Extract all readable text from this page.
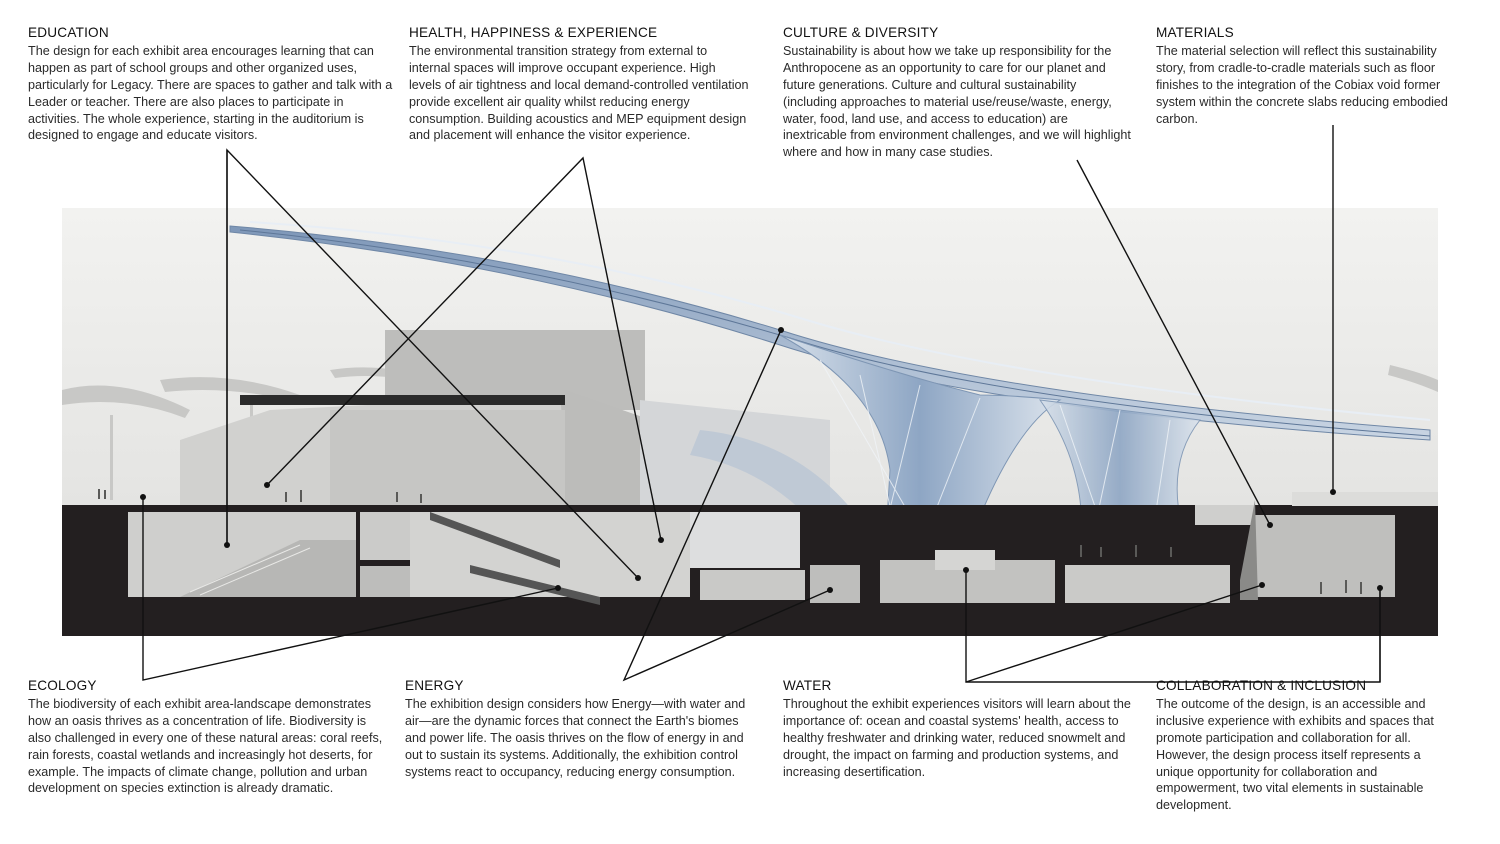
EDUCATION

The design for each exhibit area encourages learning that can happen as part of school groups and other organized uses, particularly for Legacy. There are spaces to gather and talk with a Leader or teacher. There are also places to participate in activities. The whole experience, starting in the auditorium is designed to engage and educate visitors.

HEALTH, HAPPINESS & EXPERIENCE

The environmental transition strategy from external to internal spaces will improve occupant experience. High levels of air tightness and local demand-controlled ventilation provide excellent air quality whilst reducing energy consumption. Building acoustics and MEP equipment design and placement will enhance the visitor experience.

CULTURE & DIVERSITY

Sustainability is about how we take up responsibility for the Anthropocene as an opportunity to care for our planet and future generations. Culture and cultural sustainability (including approaches to material use/reuse/waste, energy, water, food, land use, and access to education) are inextricable from environment challenges, and we will highlight where and how in many case studies.

MATERIALS

The material selection will reflect this sustainability story, from cradle-to-cradle materials such as floor finishes to the integration of the Cobiax void former system within the concrete slabs reducing embodied carbon.

ECOLOGY

The biodiversity of each exhibit area-landscape demonstrates how an oasis thrives as a concentration of life. Biodiversity is also challenged in every one of these natural areas: coral reefs, rain forests, coastal wetlands and increasingly hot deserts, for example. The impacts of climate change, pollution and urban development on species extinction is already dramatic.

ENERGY

The exhibition design considers how Energy—with water and air—are the dynamic forces that connect the Earth's biomes and power life. The oasis thrives on the flow of energy in and out to sustain its systems. Additionally, the exhibition control systems react to occupancy, reducing energy consumption.

WATER

Throughout the exhibit experiences visitors will learn about the importance of: ocean and coastal systems' health, access to healthy freshwater and drinking water, reduced snowmelt and drought, the impact on farming and production systems, and increasing desertification.

COLLABORATION & INCLUSION

The outcome of the design, is an accessible and inclusive experience with exhibits and spaces that promote participation and collaboration for all. However, the design process itself represents a unique opportunity for collaboration and empowerment, two vital elements in sustainable development.
